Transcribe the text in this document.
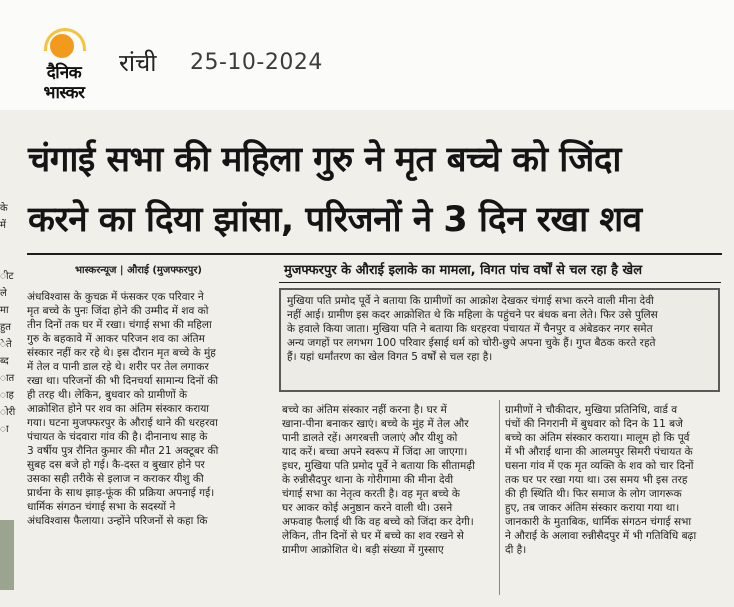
दैनिक
भास्कर
रांची 25-10-2024
के
में
ीट
ले
मा
हुत
ेते
ब्द
ात
ाह
ोरी
ा
चंगाई सभा की महिला गुरु ने मृत बच्चे को जिंदा
करने का दिया झांसा, परिजनों ने 3 दिन रखा शव
भास्करन्यूज | औराई (मुजफ्फरपुर)	मुजफ्फरपुर के औराई इलाके का मामला, विगत पांच वर्षों से चल रहा है खेल
अंधविश्वास के कुचक्र में फंसकर एक परिवार ने
मृत बच्चे के पुनः जिंदा होने की उम्मीद में शव को
तीन दिनों तक घर में रखा। चंगाई सभा की महिला
गुरु के बहकावे में आकर परिजन शव का अंतिम
संस्कार नहीं कर रहे थे। इस दौरान मृत बच्चे के मुंह
में तेल व पानी डाल रहे थे। शरीर पर तेल लगाकर
रखा था। परिजनों की भी दिनचर्या सामान्य दिनों की
ही तरह थी। लेकिन, बुधवार को ग्रामीणों के
आक्रोशित होने पर शव का अंतिम संस्कार कराया
गया। घटना मुजफ्फरपुर के औराई थाने की धरहरवा
पंचायत के चंदवारा गांव की है। दीनानाथ साह के
3 वर्षीय पुत्र रौनित कुमार की मौत 21 अक्टूबर की
सुबह दस बजे हो गई। कै-दस्त व बुखार होने पर
उसका सही तरीके से इलाज न कराकर यीशु की
प्रार्थना के साथ झाड़-फूंक की प्रक्रिया अपनाई गई।
धार्मिक संगठन चंगाई सभा के सदस्यों ने
अंधविश्वास फैलाया। उन्होंने परिजनों से कहा कि
मुखिया पति प्रमोद पूर्वे ने बताया कि ग्रामीणों का आक्रोश देखकर चंगाई सभा करने वाली मीना देवी
नहीं आई। ग्रामीण इस कदर आक्रोशित थे कि महिला के पहुंचने पर बंधक बना लेते। फिर उसे पुलिस
के हवाले किया जाता। मुखिया पति ने बताया कि धरहरवा पंचायत में चैनपुर व अंबेडकर नगर समेत
अन्य जगहों पर लगभग 100 परिवार ईसाई धर्म को चोरी-छुपे अपना चुके हैं। गुप्त बैठक करते रहते
हैं। यहां धर्मांतरण का खेल विगत 5 वर्षों से चल रहा है।
बच्चे का अंतिम संस्कार नहीं करना है। घर में
खाना-पीना बनाकर खाएं। बच्चे के मुंह में तेल और
पानी डालते रहें। अगरबत्ती जलाएं और यीशु को
याद करें। बच्चा अपने स्वरूप में जिंदा आ जाएगा।
इधर, मुखिया पति प्रमोद पूर्वे ने बताया कि सीतामढ़ी
के रुन्नीसैदपुर थाना के गोरीगामा की मीना देवी
चंगाई सभा का नेतृत्व करती है। वह मृत बच्चे के
घर आकर कोई अनुष्ठान करने वाली थी। उसने
अफवाह फैलाई थी कि वह बच्चे को जिंदा कर देगी।
लेकिन, तीन दिनों से घर में बच्चे का शव रखने से
ग्रामीण आक्रोशित थे। बड़ी संख्या में गुस्साए
ग्रामीणों ने चौकीदार, मुखिया प्रतिनिधि, वार्ड व
पंचों की निगरानी में बुधवार को दिन के 11 बजे
बच्चे का अंतिम संस्कार कराया। मालूम हो कि पूर्व
में भी औराई थाना की आलमपुर सिमरी पंचायत के
घसना गांव में एक मृत व्यक्ति के शव को चार दिनों
तक घर पर रखा गया था। उस समय भी इस तरह
की ही स्थिति थी। फिर समाज के लोग जागरूक
हुए, तब जाकर अंतिम संस्कार कराया गया था।
जानकारी के मुताबिक, धार्मिक संगठन चंगाई सभा
ने औराई के अलावा रुन्नीसैदपुर में भी गतिविधि बढ़ा
दी है।
